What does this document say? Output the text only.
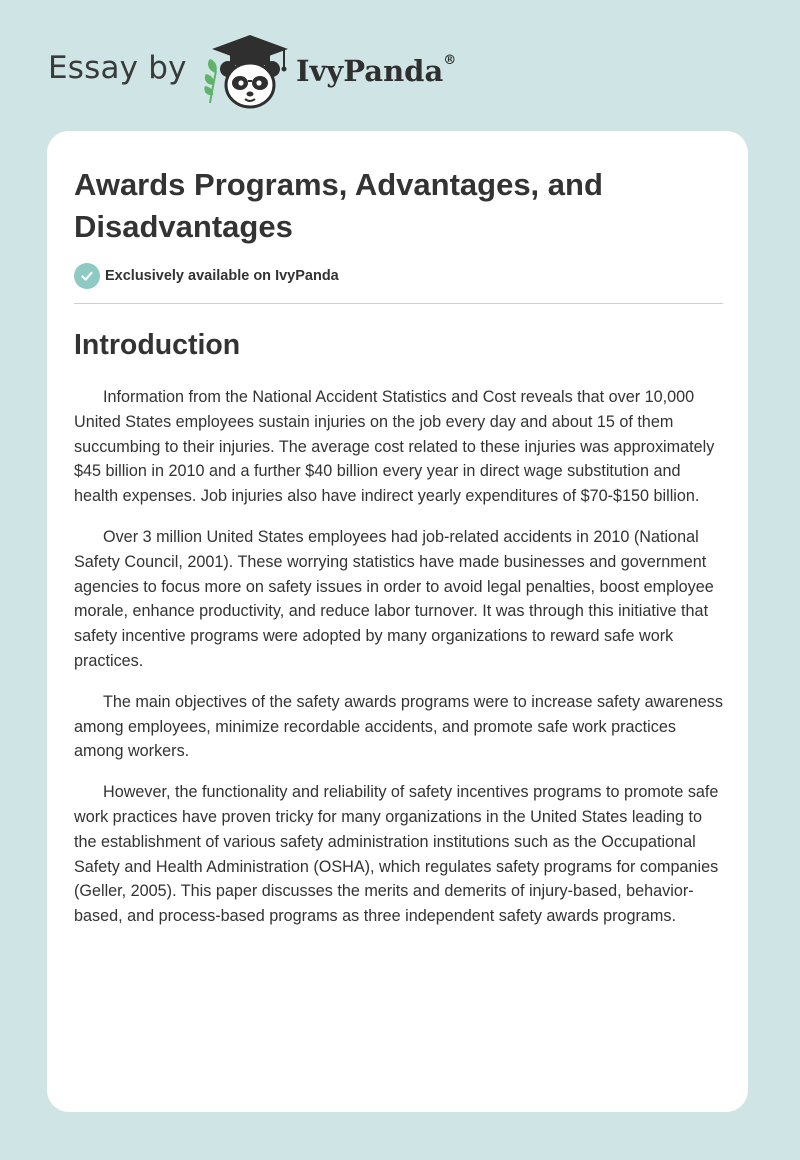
Essay by	IvyPanda®
Awards Programs, Advantages, and Disadvantages
Exclusively available on IvyPanda
Introduction

Information from the National Accident Statistics and Cost reveals that over 10,000 United States employees sustain injuries on the job every day and about 15 of them succumbing to their injuries. The average cost related to these injuries was approximately $45 billion in 2010 and a further $40 billion every year in direct wage substitution and health expenses. Job injuries also have indirect yearly expenditures of $70-$150 billion.

Over 3 million United States employees had job-related accidents in 2010 (National Safety Council, 2001). These worrying statistics have made businesses and government agencies to focus more on safety issues in order to avoid legal penalties, boost employee morale, enhance productivity, and reduce labor turnover. It was through this initiative that safety incentive programs were adopted by many organizations to reward safe work practices.

The main objectives of the safety awards programs were to increase safety awareness among employees, minimize recordable accidents, and promote safe work practices among workers.

However, the functionality and reliability of safety incentives programs to promote safe work practices have proven tricky for many organizations in the United States leading to the establishment of various safety administration institutions such as the Occupational Safety and Health Administration (OSHA), which regulates safety programs for companies (Geller, 2005). This paper discusses the merits and demerits of injury-based, behavior-based, and process-based programs as three independent safety awards programs.
